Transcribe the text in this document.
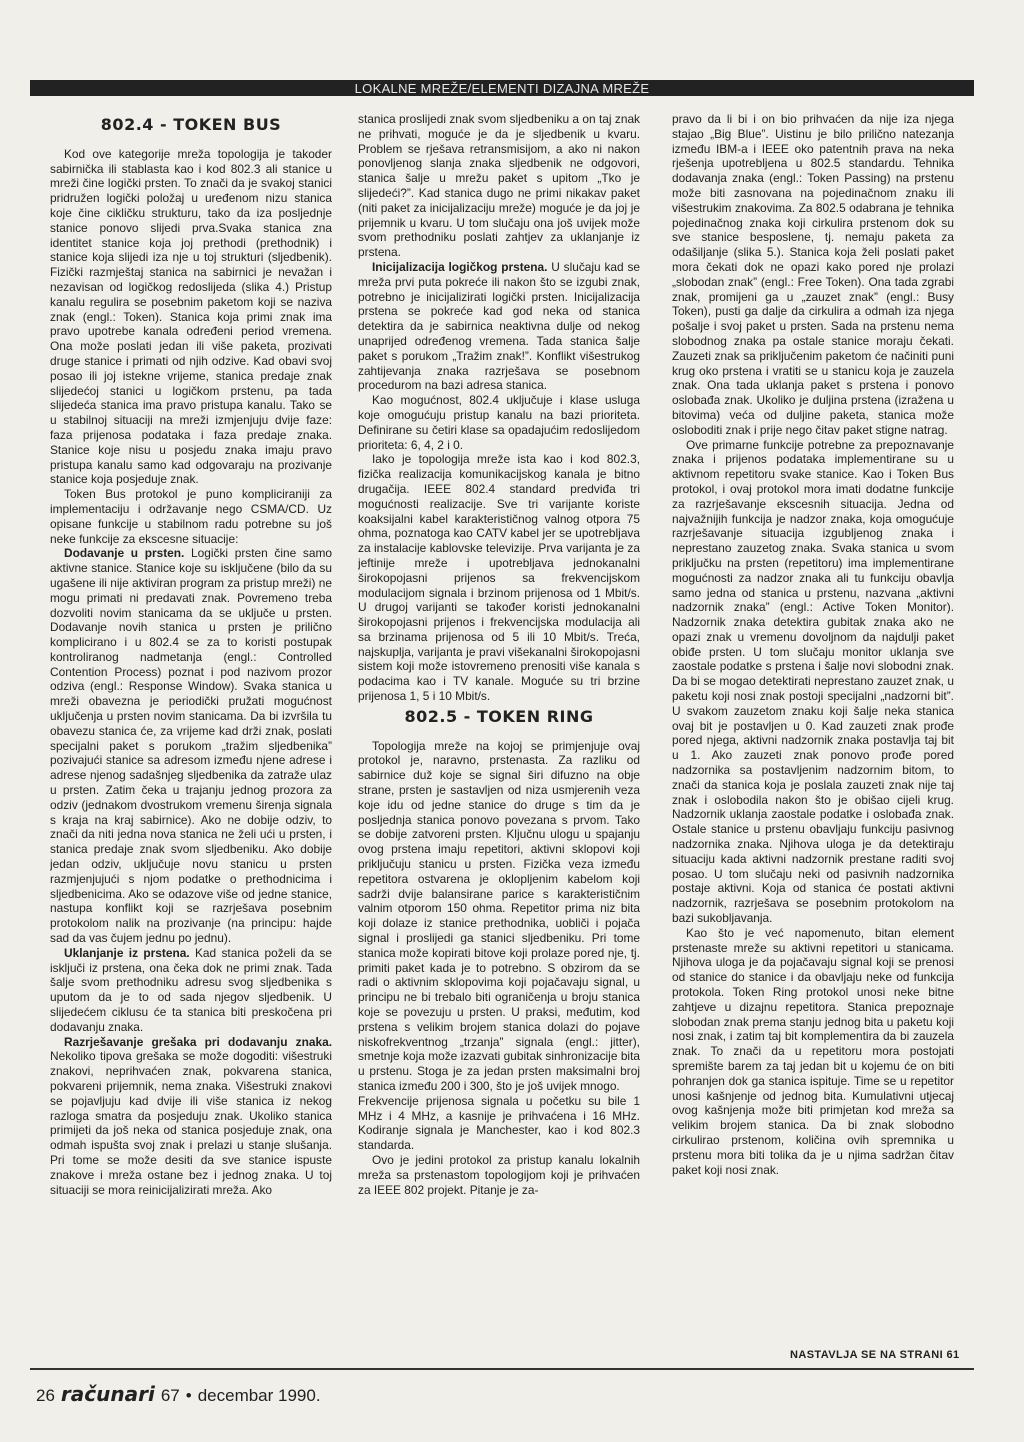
LOKALNE MREŽE/ELEMENTI DIZAJNA MREŽE
802.4 - TOKEN BUS

Kod ove kategorije mreža topologija je takoder sabirnička ili stablasta kao i kod 802.3 ali stanice u mreži čine logički prsten. To znači da je svakoj stanici pridružen logički položaj u uređenom nizu stanica koje čine cikličku strukturu, tako da iza posljednje stanice ponovo slijedi prva.Svaka stanica zna identitet stanice koja joj prethodi (prethodnik) i stanice koja slijedi iza nje u toj strukturi (sljedbenik). Fizički razmještaj stanica na sabirnici je nevažan i nezavisan od logičkog redoslijeda (slika 4.) Pristup kanalu regulira se posebnim paketom koji se naziva znak (engl.: Token). Stanica koja primi znak ima pravo upotrebe kanala određeni period vremena. Ona može poslati jedan ili više paketa, prozivati druge stanice i primati od njih odzive. Kad obavi svoj posao ili joj istekne vrijeme, stanica predaje znak slijedećoj stanici u logičkom prstenu, pa tada slijedeća stanica ima pravo pristupa kanalu. Tako se u stabilnoj situaciji na mreži izmjenjuju dvije faze: faza prijenosa podataka i faza predaje znaka. Stanice koje nisu u posjedu znaka imaju pravo pristupa kanalu samo kad odgovaraju na prozivanje stanice koja posjeduje znak.

Token Bus protokol je puno kompliciraniji za implementaciju i održavanje nego CSMA/CD. Uz opisane funkcije u stabilnom radu potrebne su još neke funkcije za ekscesne situacije:

Dodavanje u prsten. Logički prsten čine samo aktivne stanice. Stanice koje su isključene (bilo da su ugašene ili nije aktiviran program za pristup mreži) ne mogu primati ni predavati znak. Povremeno treba dozvoliti novim stanicama da se uključe u prsten. Dodavanje novih stanica u prsten je prilično komplicirano i u 802.4 se za to koristi postupak kontroliranog nadmetanja (engl.: Controlled Contention Process) poznat i pod nazivom prozor odziva (engl.: Response Window). Svaka stanica u mreži obavezna je periodički pružati mogućnost uključenja u prsten novim stanicama. Da bi izvršila tu obavezu stanica će, za vrijeme kad drži znak, poslati specijalni paket s porukom „tražim sljedbenika” pozivajući stanice sa adresom između njene adrese i adrese njenog sadašnjeg sljedbenika da zatraže ulaz u prsten. Zatim čeka u trajanju jednog prozora za odziv (jednakom dvostrukom vremenu širenja signala s kraja na kraj sabirnice). Ako ne dobije odziv, to znači da niti jedna nova stanica ne želi ući u prsten, i stanica predaje znak svom sljedbeniku. Ako dobije jedan odziv, uključuje novu stanicu u prsten razmjenjujući s njom podatke o prethodnicima i sljedbenicima. Ako se odazove više od jedne stanice, nastupa konflikt koji se razrješava posebnim protokolom nalik na prozivanje (na principu: hajde sad da vas čujem jednu po jednu).

Uklanjanje iz prstena. Kad stanica poželi da se isključi iz prstena, ona čeka dok ne primi znak. Tada šalje svom prethodniku adresu svog sljedbenika s uputom da je to od sada njegov sljedbenik. U slijedećem ciklusu će ta stanica biti preskočena pri dodavanju znaka.

Razrješavanje grešaka pri dodavanju znaka. Nekoliko tipova grešaka se može dogoditi: višestruki znakovi, neprihvaćen znak, pokvarena stanica, pokvareni prijemnik, nema znaka. Višestruki znakovi se pojavljuju kad dvije ili više stanica iz nekog razloga smatra da posjeduju znak. Ukoliko stanica primijeti da još neka od stanica posjeduje znak, ona odmah ispušta svoj znak i prelazi u stanje slušanja. Pri tome se može desiti da sve stanice ispuste znakove i mreža ostane bez i jednog znaka. U toj situaciji se mora reinicijalizirati mreža. Ako

stanica proslijedi znak svom sljedbeniku a on taj znak ne prihvati, moguće je da je sljedbenik u kvaru. Problem se rješava retransmisijom, a ako ni nakon ponovljenog slanja znaka sljedbenik ne odgovori, stanica šalje u mrežu paket s upitom „Tko je slijedeći?”. Kad stanica dugo ne primi nikakav paket (niti paket za inicijalizaciju mreže) moguće je da joj je prijemnik u kvaru. U tom slučaju ona još uvijek može svom prethodniku poslati zahtjev za uklanjanje iz prstena.

Inicijalizacija logičkog prstena. U slučaju kad se mreža prvi puta pokreće ili nakon što se izgubi znak, potrebno je inicijalizirati logički prsten. Inicijalizacija prstena se pokreće kad god neka od stanica detektira da je sabirnica neaktivna dulje od nekog unaprijed određenog vremena. Tada stanica šalje paket s porukom „Tražim znak!”. Konflikt višestrukog zahtijevanja znaka razrješava se posebnom procedurom na bazi adresa stanica.

Kao mogućnost, 802.4 uključuje i klase usluga koje omogućuju pristup kanalu na bazi prioriteta. Definirane su četiri klase sa opadajućim redoslijedom prioriteta: 6, 4, 2 i 0.

Iako je topologija mreže ista kao i kod 802.3, fizička realizacija komunikacijskog kanala je bitno drugačija. IEEE 802.4 standard predviđa tri mogućnosti realizacije. Sve tri varijante koriste koaksijalni kabel karakterističnog valnog otpora 75 ohma, poznatoga kao CATV kabel jer se upotrebljava za instalacije kablovske televizije. Prva varijanta je za jeftinije mreže i upotrebljava jednokanalni širokopojasni prijenos sa frekvencijskom modulacijom signala i brzinom prijenosa od 1 Mbit/s. U drugoj varijanti se također koristi jednokanalni širokopojasni prijenos i frekvencijska modulacija ali sa brzinama prijenosa od 5 ili 10 Mbit/s. Treća, najskuplja, varijanta je pravi višekanalni širokopojasni sistem koji može istovremeno prenositi više kanala s podacima kao i TV kanale. Moguće su tri brzine prijenosa 1, 5 i 10 Mbit/s.

802.5 - TOKEN RING

Topologija mreže na kojoj se primjenjuje ovaj protokol je, naravno, prstenasta. Za razliku od sabirnice duž koje se signal širi difuzno na obje strane, prsten je sastavljen od niza usmjerenih veza koje idu od jedne stanice do druge s tim da je posljednja stanica ponovo povezana s prvom. Tako se dobije zatvoreni prsten. Ključnu ulogu u spajanju ovog prstena imaju repetitori, aktivni sklopovi koji priključuju stanicu u prsten. Fizička veza između repetitora ostvarena je oklopljenim kabelom koji sadrži dvije balansirane parice s karakterističnim valnim otporom 150 ohma. Repetitor prima niz bita koji dolaze iz stanice prethodnika, uobliči i pojača signal i proslijedi ga stanici sljedbeniku. Pri tome stanica može kopirati bitove koji prolaze pored nje, tj. primiti paket kada je to potrebno. S obzirom da se radi o aktivnim sklopovima koji pojačavaju signal, u principu ne bi trebalo biti ograničenja u broju stanica koje se povezuju u prsten. U praksi, međutim, kod prstena s velikim brojem stanica dolazi do pojave niskofrekventnog „trzanja” signala (engl.: jitter), smetnje koja može izazvati gubitak sinhronizacije bita u prstenu. Stoga je za jedan prsten maksimalni broj stanica između 200 i 300, što je još uvijek mnogo.

Frekvencije prijenosa signala u početku su bile 1 MHz i 4 MHz, a kasnije je prihvaćena i 16 MHz. Kodiranje signala je Manchester, kao i kod 802.3 standarda.

Ovo je jedini protokol za pristup kanalu lokalnih mreža sa prstenastom topologijom koji je prihvaćen za IEEE 802 projekt. Pitanje je za-

pravo da li bi i on bio prihvaćen da nije iza njega stajao „Big Blue”. Uistinu je bilo prilično natezanja između IBM-a i IEEE oko patentnih prava na neka rješenja upotrebljena u 802.5 standardu. Tehnika dodavanja znaka (engl.: Token Passing) na prstenu može biti zasnovana na pojedinačnom znaku ili višestrukim znakovima. Za 802.5 odabrana je tehnika pojedinačnog znaka koji cirkulira prstenom dok su sve stanice besposlene, tj. nemaju paketa za odašiljanje (slika 5.). Stanica koja želi poslati paket mora čekati dok ne opazi kako pored nje prolazi „slobodan znak” (engl.: Free Token). Ona tada zgrabi znak, promijeni ga u „zauzet znak” (engl.: Busy Token), pusti ga dalje da cirkulira a odmah iza njega pošalje i svoj paket u prsten. Sada na prstenu nema slobodnog znaka pa ostale stanice moraju čekati. Zauzeti znak sa priključenim paketom će načiniti puni krug oko prstena i vratiti se u stanicu koja je zauzela znak. Ona tada uklanja paket s prstena i ponovo oslobađa znak. Ukoliko je duljina prstena (izražena u bitovima) veća od duljine paketa, stanica može osloboditi znak i prije nego čitav paket stigne natrag.

Ove primarne funkcije potrebne za prepoznavanje znaka i prijenos podataka implementirane su u aktivnom repetitoru svake stanice. Kao i Token Bus protokol, i ovaj protokol mora imati dodatne funkcije za razrješavanje ekscesnih situacija. Jedna od najvažnijih funkcija je nadzor znaka, koja omogućuje razrješavanje situacija izgubljenog znaka i neprestano zauzetog znaka. Svaka stanica u svom priključku na prsten (repetitoru) ima implementirane mogućnosti za nadzor znaka ali tu funkciju obavlja samo jedna od stanica u prstenu, nazvana „aktivni nadzornik znaka” (engl.: Active Token Monitor). Nadzornik znaka detektira gubitak znaka ako ne opazi znak u vremenu dovoljnom da najdulji paket obiđe prsten. U tom slučaju monitor uklanja sve zaostale podatke s prstena i šalje novi slobodni znak. Da bi se mogao detektirati neprestano zauzet znak, u paketu koji nosi znak postoji specijalni „nadzorni bit”. U svakom zauzetom znaku koji šalje neka stanica ovaj bit je postavljen u 0. Kad zauzeti znak prođe pored njega, aktivni nadzornik znaka postavlja taj bit u 1. Ako zauzeti znak ponovo prođe pored nadzornika sa postavljenim nadzornim bitom, to znači da stanica koja je poslala zauzeti znak nije taj znak i oslobodila nakon što je obišao cijeli krug. Nadzornik uklanja zaostale podatke i oslobađa znak. Ostale stanice u prstenu obavljaju funkciju pasivnog nadzornika znaka. Njihova uloga je da detektiraju situaciju kada aktivni nadzornik prestane raditi svoj posao. U tom slučaju neki od pasivnih nadzornika postaje aktivni. Koja od stanica će postati aktivni nadzornik, razrješava se posebnim protokolom na bazi sukobljavanja.

Kao što je već napomenuto, bitan element prstenaste mreže su aktivni repetitori u stanicama. Njihova uloga je da pojačavaju signal koji se prenosi od stanice do stanice i da obavljaju neke od funkcija protokola. Token Ring protokol unosi neke bitne zahtjeve u dizajnu repetitora. Stanica prepoznaje slobodan znak prema stanju jednog bita u paketu koji nosi znak, i zatim taj bit komplementira da bi zauzela znak. To znači da u repetitoru mora postojati spremište barem za taj jedan bit u kojemu će on biti pohranjen dok ga stanica ispituje. Time se u repetitor unosi kašnjenje od jednog bita. Kumulativni utjecaj ovog kašnjenja može biti primjetan kod mreža sa velikim brojem stanica. Da bi znak slobodno cirkulirao prstenom, količina ovih spremnika u prstenu mora biti tolika da je u njima sadržan čitav paket koji nosi znak.

NASTAVLJA SE NA STRANI 61
26 računari 67 • decembar 1990.
